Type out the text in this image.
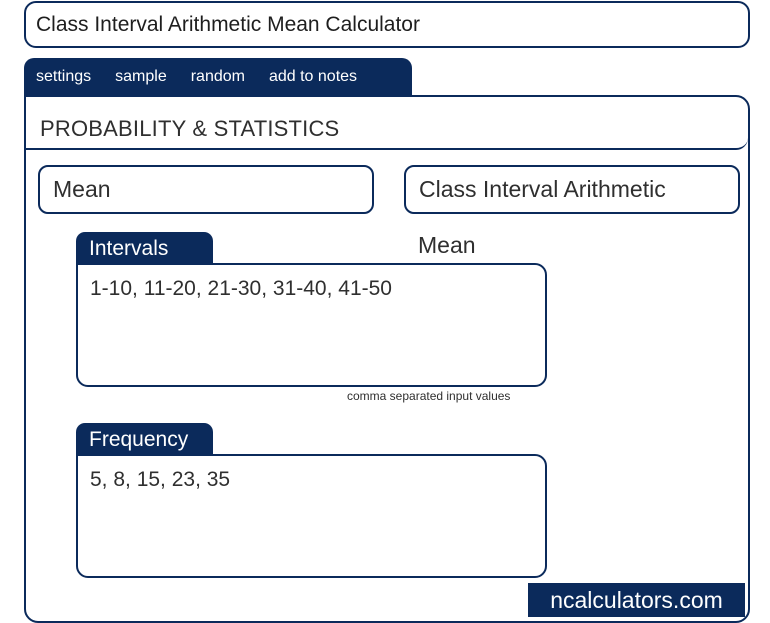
Class Interval Arithmetic Mean Calculator
settings	sample	random	add to notes
PROBABILITY & STATISTICS
Mean	Class Interval Arithmetic
Mean
Intervals
1-10, 11-20, 21-30, 31-40, 41-50
comma separated input values
Frequency
5, 8, 15, 23, 35
ncalculators.com
